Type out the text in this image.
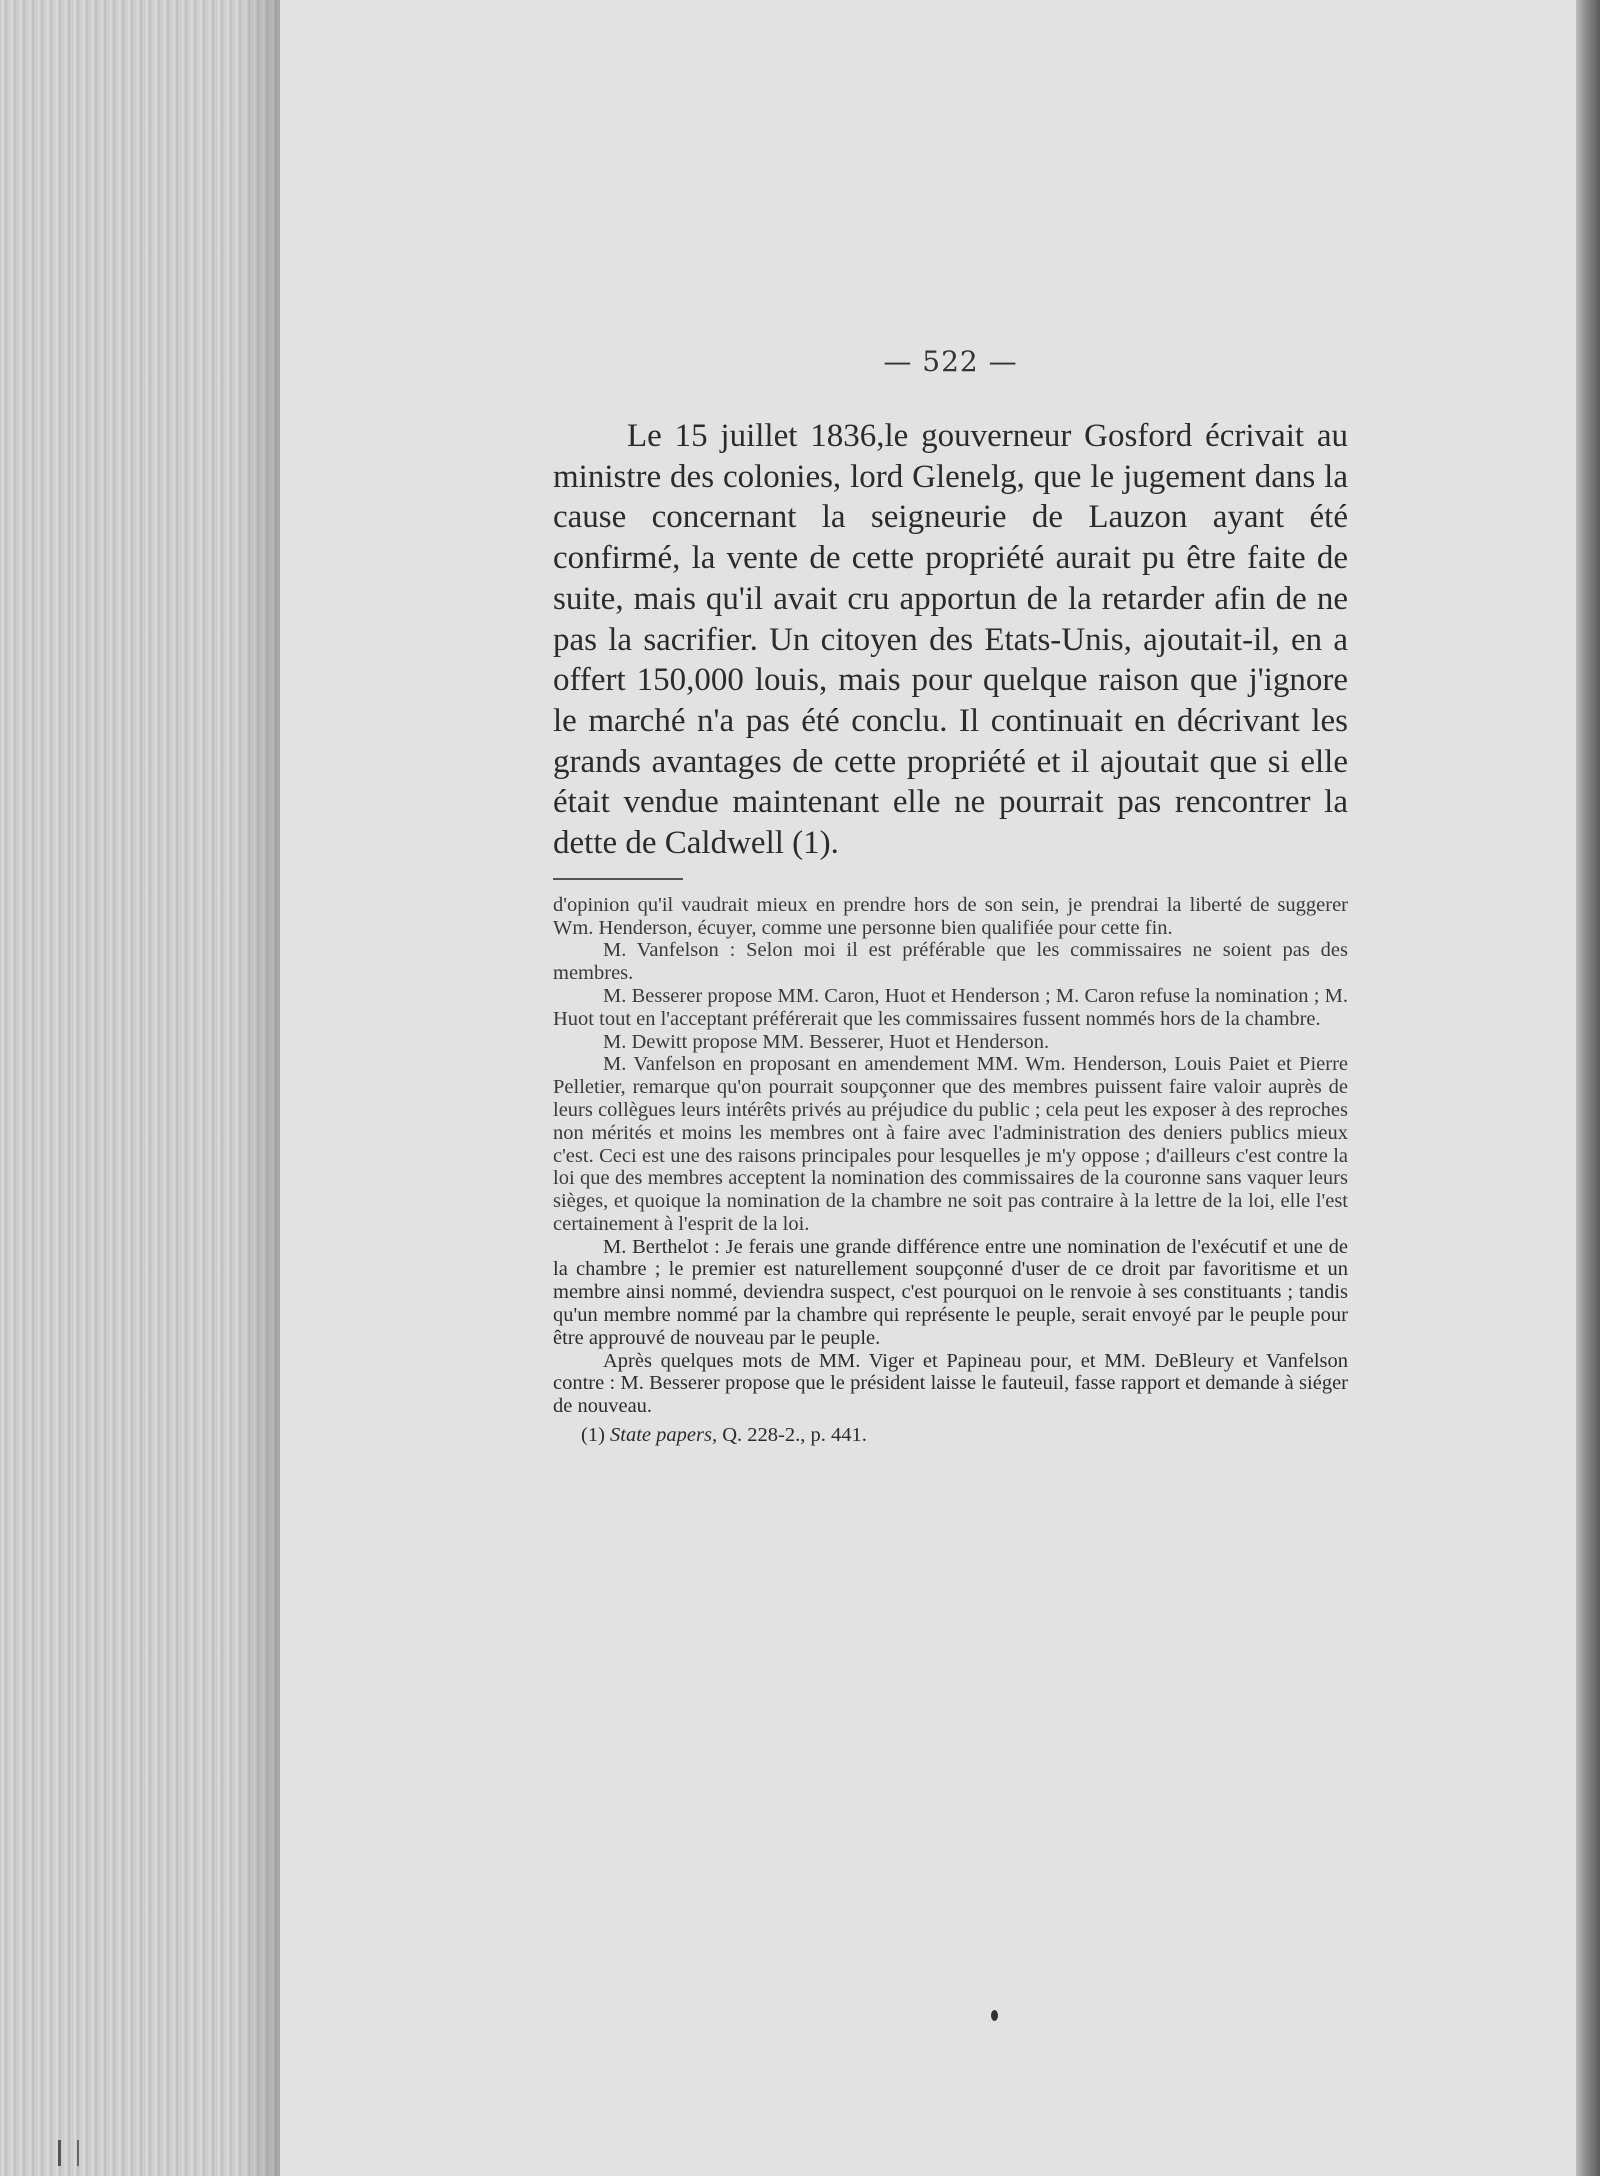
— 522 —

Le 15 juillet 1836,le gouverneur Gosford écrivait au ministre des colonies, lord Glenelg, que le jugement dans la cause concernant la seigneurie de Lauzon ayant été confirmé, la vente de cette propriété aurait pu être faite de suite, mais qu'il avait cru apportun de la retarder afin de ne pas la sacrifier. Un citoyen des Etats-Unis, ajoutait-il, en a offert 150,000 louis, mais pour quelque raison que j'ignore le marché n'a pas été conclu. Il continuait en décrivant les grands avantages de cette propriété et il ajoutait que si elle était vendue maintenant elle ne pourrait pas rencontrer la dette de Caldwell (1).

d'opinion qu'il vaudrait mieux en prendre hors de son sein, je prendrai la liberté de suggerer Wm. Henderson, écuyer, comme une personne bien qualifiée pour cette fin.

M. Vanfelson : Selon moi il est préférable que les commissaires ne soient pas des membres.

M. Besserer propose MM. Caron, Huot et Henderson ; M. Caron refuse la nomination ; M. Huot tout en l'acceptant préférerait que les commissaires fussent nommés hors de la chambre.

M. Dewitt propose MM. Besserer, Huot et Henderson.

M. Vanfelson en proposant en amendement MM. Wm. Henderson, Louis Paiet et Pierre Pelletier, remarque qu'on pourrait soupçonner que des membres puissent faire valoir auprès de leurs collègues leurs intérêts privés au préjudice du public ; cela peut les exposer à des reproches non mérités et moins les membres ont à faire avec l'administration des deniers publics mieux c'est. Ceci est une des raisons principales pour lesquelles je m'y oppose ; d'ailleurs c'est contre la loi que des membres acceptent la nomination des commissaires de la couronne sans vaquer leurs sièges, et quoique la nomination de la chambre ne soit pas contraire à la lettre de la loi, elle l'est certainement à l'esprit de la loi.

M. Berthelot : Je ferais une grande différence entre une nomination de l'exécutif et une de la chambre ; le premier est naturellement soupçonné d'user de ce droit par favoritisme et un membre ainsi nommé, deviendra suspect, c'est pourquoi on le renvoie à ses constituants ; tandis qu'un membre nommé par la chambre qui représente le peuple, serait envoyé par le peuple pour être approuvé de nouveau par le peuple.

Après quelques mots de MM. Viger et Papineau pour, et MM. DeBleury et Vanfelson contre : M. Besserer propose que le président laisse le fauteuil, fasse rapport et demande à siéger de nouveau.

(1) State papers, Q. 228-2., p. 441.
